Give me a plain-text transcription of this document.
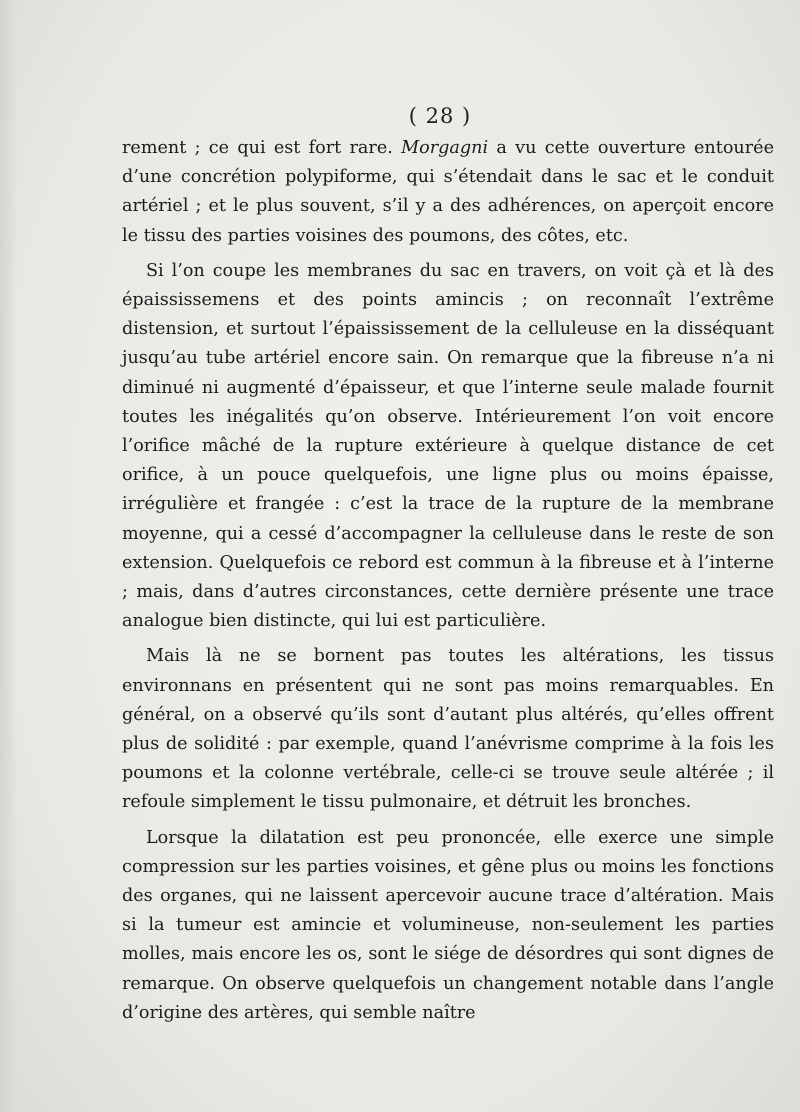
( 28 )

rement ; ce qui est fort rare. Morgagni a vu cette ouverture entourée d’une concrétion polypiforme, qui s’étendait dans le sac et le conduit artériel ; et le plus souvent, s’il y a des adhérences, on aperçoit encore le tissu des parties voisines des poumons, des côtes, etc.

Si l’on coupe les membranes du sac en travers, on voit çà et là des épaississemens et des points amincis ; on reconnaît l’extrême distension, et surtout l’épaississement de la celluleuse en la disséquant jusqu’au tube artériel encore sain. On remarque que la fibreuse n’a ni diminué ni augmenté d’épaisseur, et que l’interne seule malade fournit toutes les inégalités qu’on observe. Intérieurement l’on voit encore l’orifice mâché de la rupture extérieure à quelque distance de cet orifice, à un pouce quelquefois, une ligne plus ou moins épaisse, irrégulière et frangée : c’est la trace de la rupture de la membrane moyenne, qui a cessé d’accompagner la celluleuse dans le reste de son extension. Quelquefois ce rebord est commun à la fibreuse et à l’interne ; mais, dans d’autres circonstances, cette dernière présente une trace analogue bien distincte, qui lui est particulière.

Mais là ne se bornent pas toutes les altérations, les tissus environnans en présentent qui ne sont pas moins remarquables. En général, on a observé qu’ils sont d’autant plus altérés, qu’elles offrent plus de solidité : par exemple, quand l’anévrisme comprime à la fois les poumons et la colonne vertébrale, celle-ci se trouve seule altérée ; il refoule simplement le tissu pulmonaire, et détruit les bronches.

Lorsque la dilatation est peu prononcée, elle exerce une simple compression sur les parties voisines, et gêne plus ou moins les fonctions des organes, qui ne laissent apercevoir aucune trace d’altération. Mais si la tumeur est amincie et volumineuse, non-seulement les parties molles, mais encore les os, sont le siége de désordres qui sont dignes de remarque. On observe quelquefois un changement notable dans l’angle d’origine des artères, qui semble naître
